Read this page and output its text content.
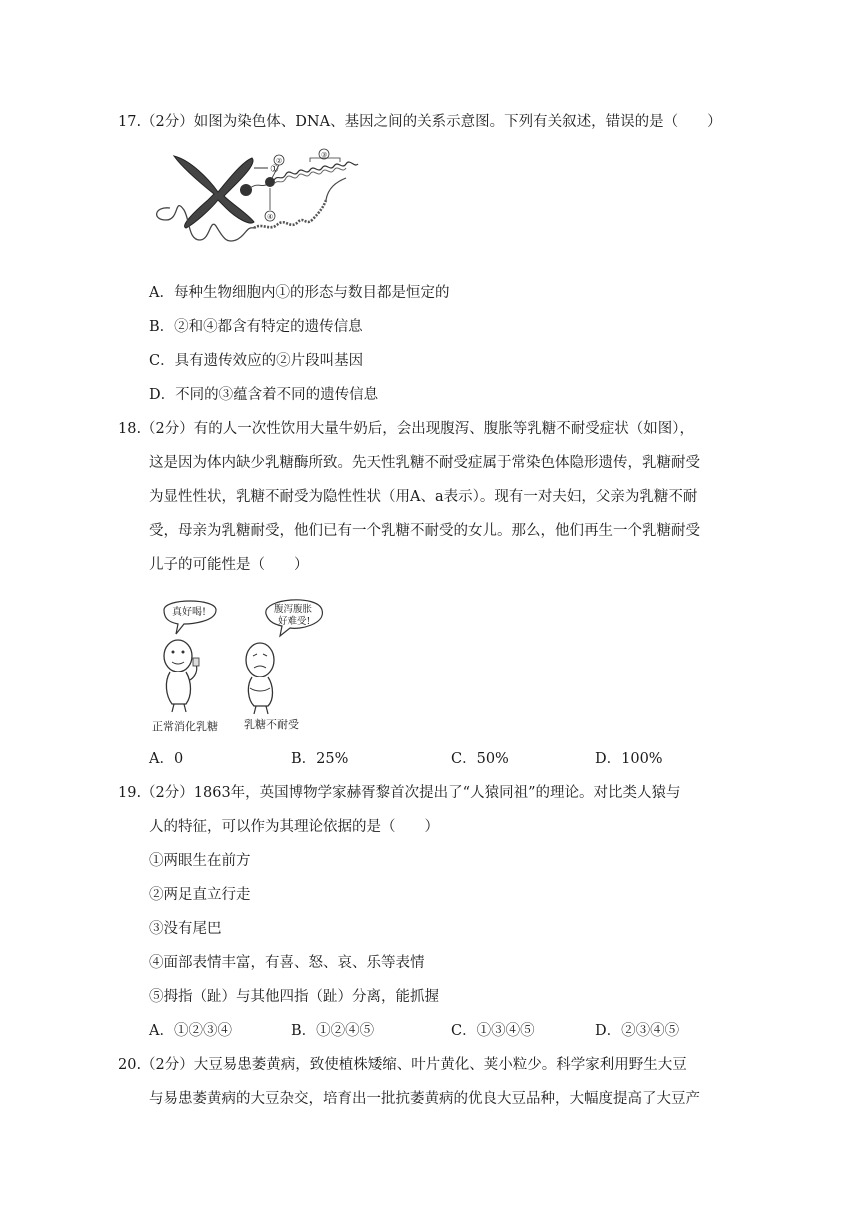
17.（2分）如图为染色体、DNA、基因之间的关系示意图。下列有关叙述，错误的是（　　）
①
②
③
④
A．每种生物细胞内①的形态与数目都是恒定的
B．②和④都含有特定的遗传信息
C．具有遗传效应的②片段叫基因
D．不同的③蕴含着不同的遗传信息
18.（2分）有的人一次性饮用大量牛奶后，会出现腹泻、腹胀等乳糖不耐受症状（如图），
这是因为体内缺少乳糖酶所致。先天性乳糖不耐受症属于常染色体隐形遗传，乳糖耐受
为显性性状，乳糖不耐受为隐性性状（用A、a表示）。现有一对夫妇，父亲为乳糖不耐
受，母亲为乳糖耐受，他们已有一个乳糖不耐受的女儿。那么，他们再生一个乳糖耐受
儿子的可能性是（　　）
真好喝!	腹泻腹胀
好难受!
正常消化乳糖 乳糖不耐受
A．0	B．25%	C．50%	D．100%
19.（2分）1863年，英国博物学家赫胥黎首次提出了“人猿同祖”的理论。对比类人猿与
人的特征，可以作为其理论依据的是（　　）
①两眼生在前方
②两足直立行走
③没有尾巴
④面部表情丰富，有喜、怒、哀、乐等表情
⑤拇指（趾）与其他四指（趾）分离，能抓握
A．①②③④	B．①②④⑤	C．①③④⑤	D．②③④⑤
20.（2分）大豆易患萎黄病，致使植株矮缩、叶片黄化、荚小粒少。科学家利用野生大豆
与易患萎黄病的大豆杂交，培育出一批抗萎黄病的优良大豆品种，大幅度提高了大豆产
